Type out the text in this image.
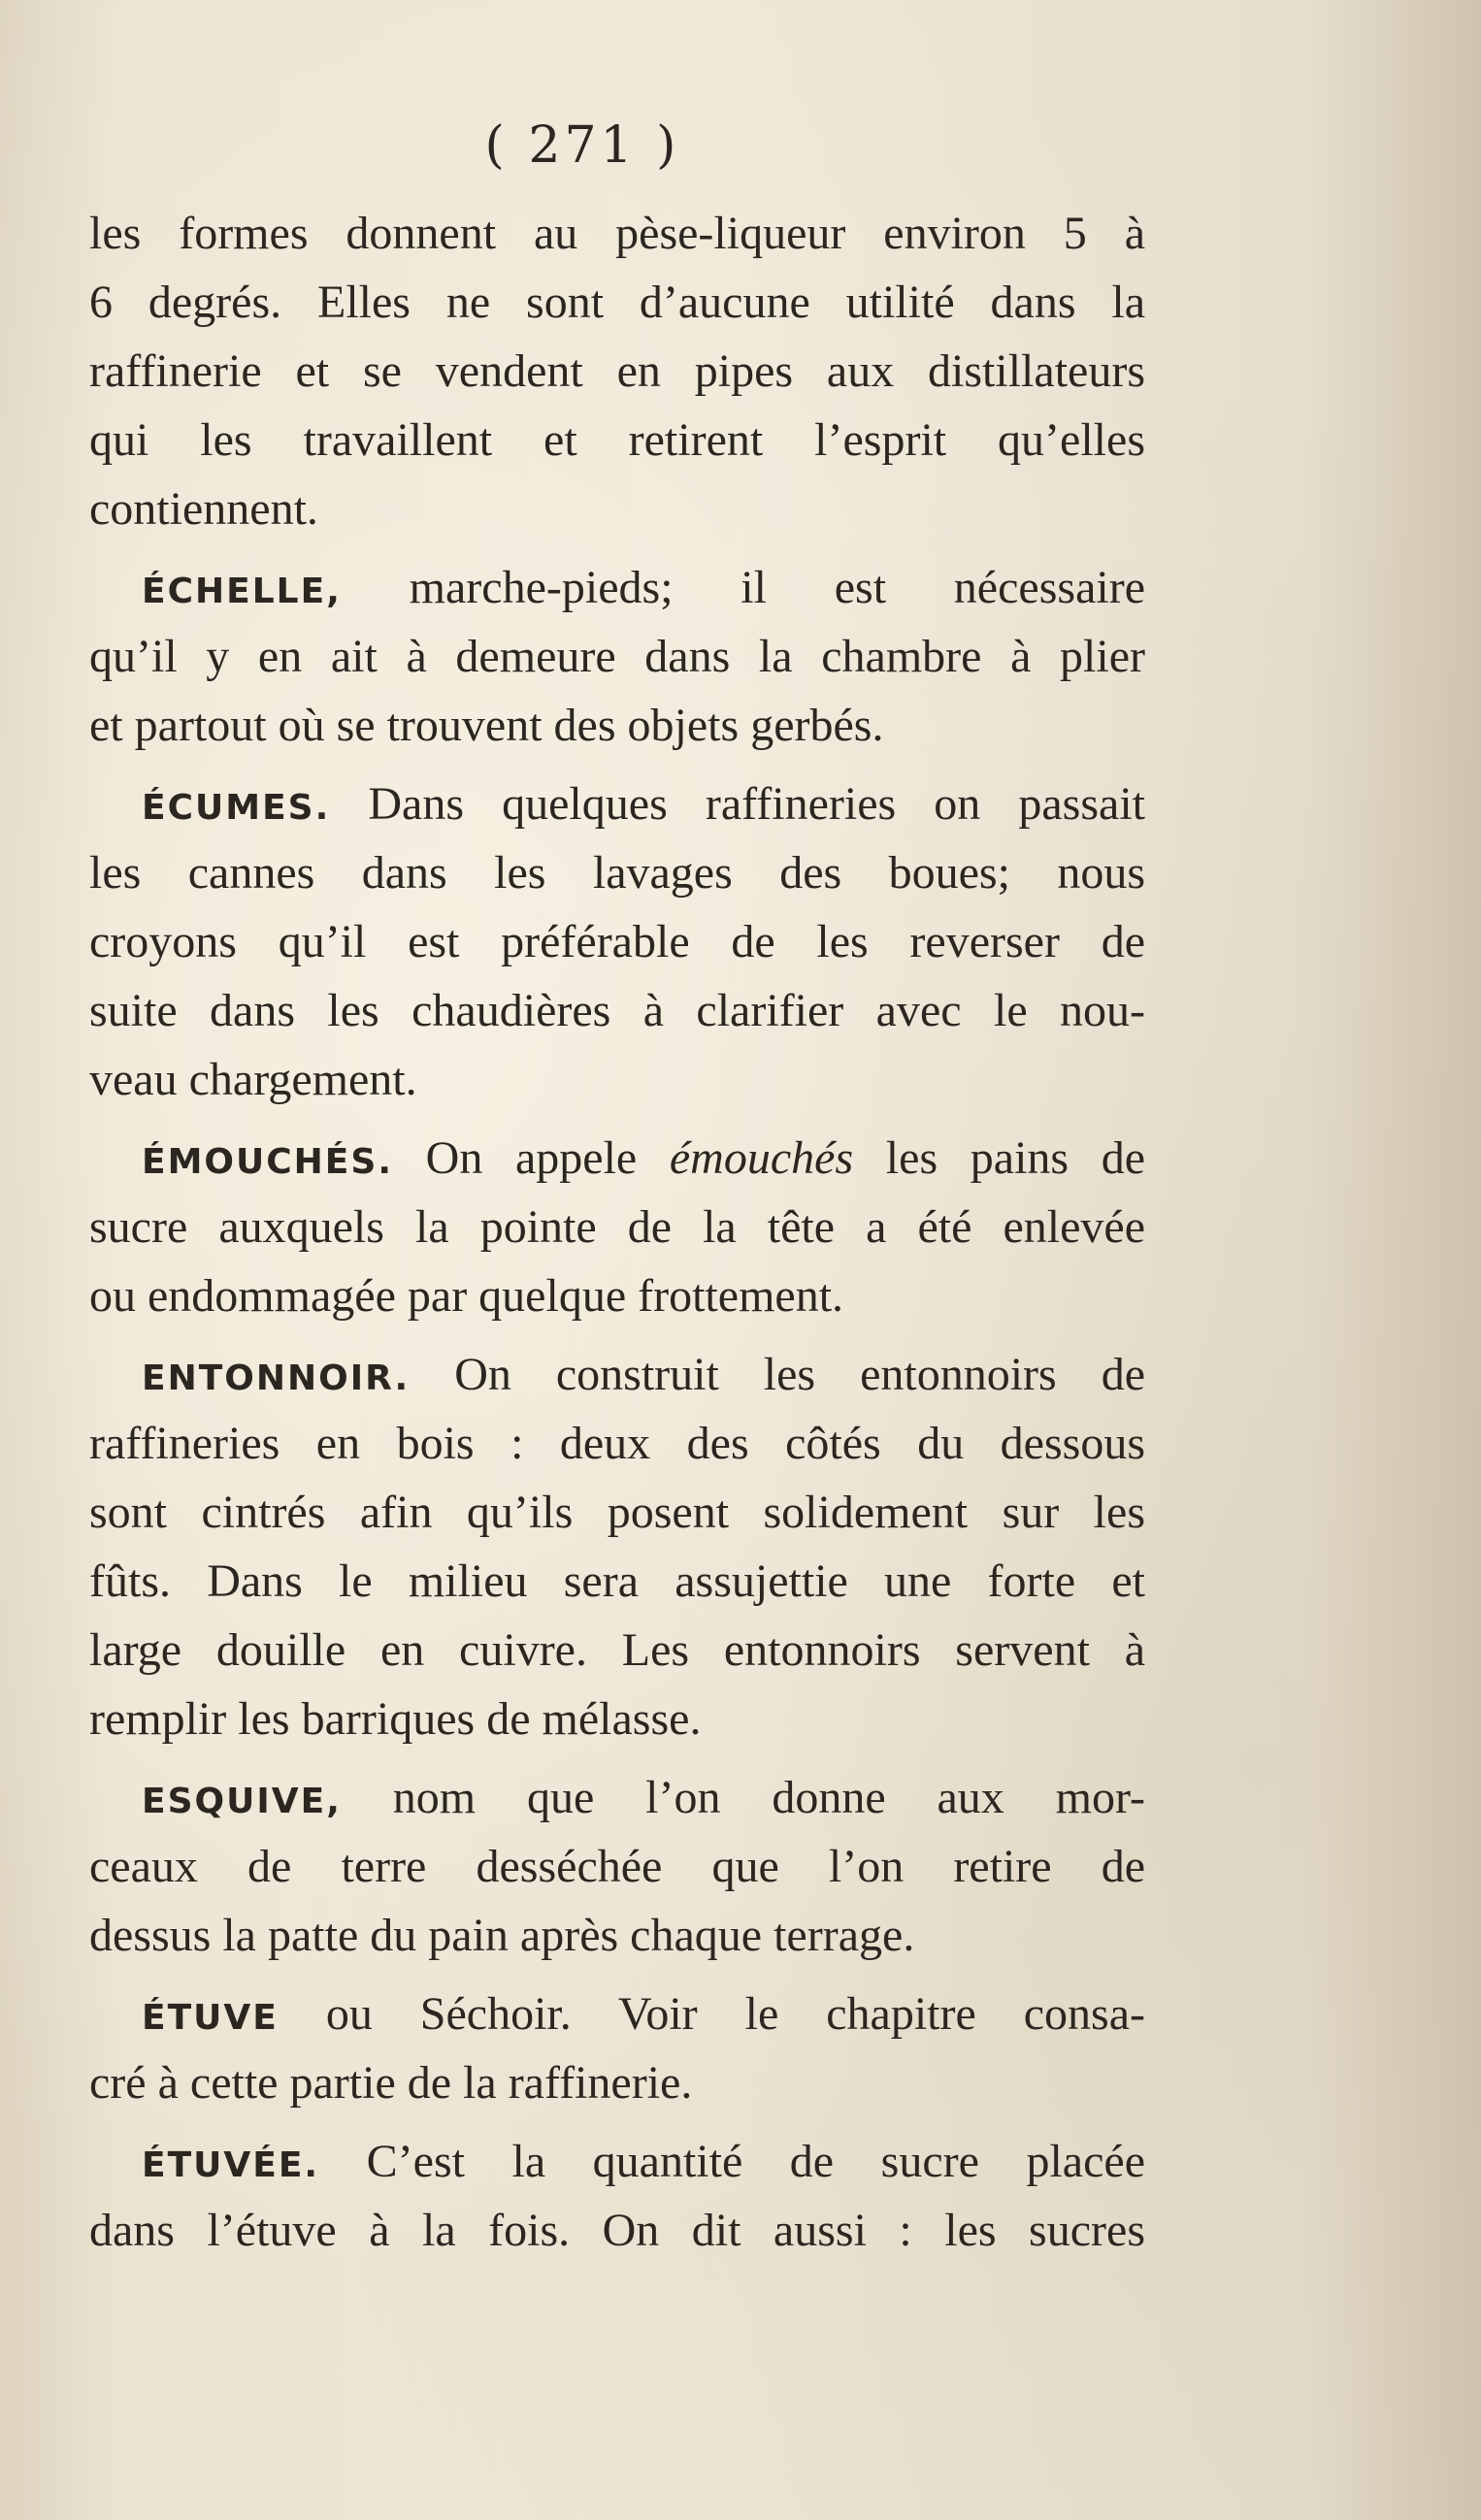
( 271 )
les formes donnent au pèse-liqueur environ 5 à
6 degrés. Elles ne sont d’aucune utilité dans la
raffinerie et se vendent en pipes aux distillateurs
qui les travaillent et retirent l’esprit qu’elles
contiennent.
ÉCHELLE, marche-pieds; il est nécessaire
qu’il y en ait à demeure dans la chambre à plier
et partout où se trouvent des objets gerbés.
ÉCUMES. Dans quelques raffineries on passait
les cannes dans les lavages des boues; nous
croyons qu’il est préférable de les reverser de
suite dans les chaudières à clarifier avec le nou-
veau chargement.
ÉMOUCHÉS. On appele émouchés les pains de
sucre auxquels la pointe de la tête a été enlevée
ou endommagée par quelque frottement.
ENTONNOIR. On construit les entonnoirs de
raffineries en bois : deux des côtés du dessous
sont cintrés afin qu’ils posent solidement sur les
fûts. Dans le milieu sera assujettie une forte et
large douille en cuivre. Les entonnoirs servent à
remplir les barriques de mélasse.
ESQUIVE, nom que l’on donne aux mor-
ceaux de terre desséchée que l’on retire de
dessus la patte du pain après chaque terrage.
ÉTUVE ou Séchoir. Voir le chapitre consa-
cré à cette partie de la raffinerie.
ÉTUVÉE. C’est la quantité de sucre placée
dans l’étuve à la fois. On dit aussi : les sucres
